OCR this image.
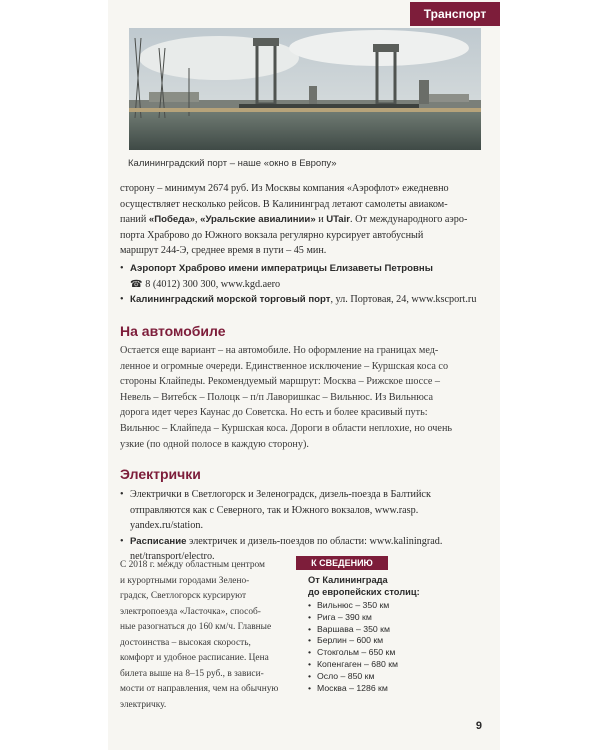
Транспорт
Калининградский порт – наше «окно в Европу»
сторону – минимум 2674 руб. Из Москвы компания «Аэрофлот» ежедневно
осуществляет несколько рейсов. В Калининград летают самолеты авиаком-
паний «Победа», «Уральские авиалинии» и UTair. От международного аэро-
порта Храброво до Южного вокзала регулярно курсирует автобусный
маршрут 244-Э, среднее время в пути – 45 мин.
• Аэропорт Храброво имени императрицы Елизаветы Петровны
☎ 8 (4012) 300 300, www.kgd.aero
• Калининградский морской торговый порт, ул. Портовая, 24, www.kscport.ru
На автомобиле
Остается еще вариант – на автомобиле. Но оформление на границах мед-
ленное и огромные очереди. Единственное исключение – Куршская коса со
стороны Клайпеды. Рекомендуемый маршрут: Москва – Рижское шоссе –
Невель – Витебск – Полоцк – п/п Лаворишкас – Вильнюс. Из Вильнюса
дорога идет через Каунас до Советска. Но есть и более красивый путь:
Вильнюс – Клайпеда – Куршская коса. Дороги в области неплохие, но очень
узкие (по одной полосе в каждую сторону).
Электрички
• Электрички в Светлогорск и Зеленоградск, дизель-поезда в Балтийск
отправляются как с Северного, так и Южного вокзалов, www.rasp.
yandex.ru/station.
• Расписание электричек и дизель-поездов по области: www.kaliningrad.
net/transport/electro.
С 2018 г. между областным центром
и курортными городами Зелено-
градск, Светлогорск курсируют
электропоезда «Ласточка», способ-
ные разогнаться до 160 км/ч. Главные
достоинства – высокая скорость,
комфорт и удобное расписание. Цена
билета выше на 8–15 руб., в зависи-
мости от направления, чем на обычную
электричку.
К СВЕДЕНИЮ
От Калининграда
до европейских столиц:
• Вильнюс – 350 км
• Рига – 390 км
• Варшава – 350 км
• Берлин – 600 км
• Стокгольм – 650 км
• Копенгаген – 680 км
• Осло – 850 км
• Москва – 1286 км
9
